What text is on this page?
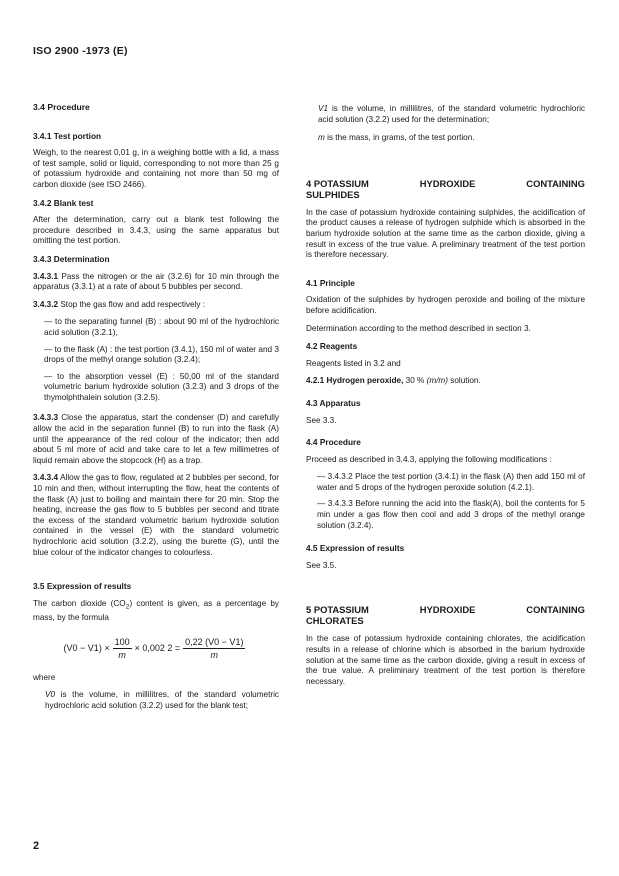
ISO 2900 -1973 (E)
3.4 Procedure
3.4.1 Test portion

Weigh, to the nearest 0,01 g, in a weighing bottle with a lid, a mass of test sample, solid or liquid, corresponding to not more than 25 g of potassium hydroxide and containing not more than 50 mg of carbon dioxide (see ISO 2466).

3.4.2 Blank test

After the determination, carry out a blank test following the procedure described in 3.4.3, using the same apparatus but omitting the test portion.

3.4.3 Determination

3.4.3.1 Pass the nitrogen or the air (3.2.6) for 10 min through the apparatus (3.3.1) at a rate of about 5 bubbles per second.

3.4.3.2 Stop the gas flow and add respectively :

— to the separating funnel (B) : about 90 ml of the hydrochloric acid solution (3.2.1),
— to the flask (A) : the test portion (3.4.1), 150 ml of water and 3 drops of the methyl orange solution (3.2.4);
— to the absorption vessel (E) : 50,00 ml of the standard volumetric barium hydroxide solution (3.2.3) and 3 drops of the thymolphthalein solution (3.2.5).

3.4.3.3 Close the apparatus, start the condenser (D) and carefully allow the acid in the separation funnel (B) to run into the flask (A) until the appearance of the red colour of the indicator; then add about 5 ml more of acid and take care to let a few millimetres of liquid remain above the stopcock (H) as a trap.

3.4.3.4 Allow the gas to flow, regulated at 2 bubbles per second, for 10 min and then, without interrupting the flow, heat the contents of the flask (A) just to boiling and maintain there for 20 min. Stop the heating, increase the gas flow to 5 bubbles per second and titrate the excess of the standard volumetric barium hydroxide solution contained in the vessel (E) with the standard volumetric hydrochloric acid solution (3.2.2), using the burette (G), until the blue colour of the indicator changes to colourless.

3.5 Expression of results

The carbon dioxide $(CO_2)$ content is given, as a percentage by mass, by the formula

$(V0 - V1) \times \frac{100}{m} \times 0,002$ $2 = \frac{0,22 (V0 - V1)}{m}$

where

V0 is the volume, in millilitres, of the standard volumetric hydrochloric acid solution (3.2.2) used for the blank test;
V1 is the volume, in millilitres, of the standard volumetric hydrochloric acid solution (3.2.2) used for the determination;
m is the mass, in grams, of the test portion.
4 POTASSIUM	HYDROXIDE	CONTAINING
SULPHIDES

In the case of potassium hydroxide containing sulphides, the acidification of the product causes a release of hydrogen sulphide which is absorbed in the barium hydroxide solution at the same time as the carbon dioxide, giving a result in excess of the true value. A preliminary treatment of the test portion is therefore necessary.

4.1 Principle

Oxidation of the sulphides by hydrogen peroxide and boiling of the mixture before acidification.

Determination according to the method described in section 3.

4.2 Reagents

Reagents listed in 3.2 and

4.2.1 Hydrogen peroxide, 30 % (m/m) solution.

4.3 Apparatus

See 3.3.

4.4 Procedure

Proceed as described in 3.4.3, applying the following modifications :

— 3.4.3.2 Place the test portion (3.4.1) in the flask (A) then add 150 ml of water and 5 drops of the hydrogen peroxide solution (4.2.1).
— 3.4.3.3 Before running the acid into the flask(A), boil the contents for 5 min under a gas flow then cool and add 3 drops of the methyl orange solution (3.2.4).
4.5 Expression of results

See 3.5.

5 POTASSIUM	HYDROXIDE	CONTAINING
CHLORATES

In the case of potassium hydroxide containing chlorates, the acidification results in a release of chlorine which is absorbed in the barium hydroxide solution at the same time as the carbon dioxide, giving a result in excess of the true value. A preliminary treatment of the test portion is therefore necessary.

2
